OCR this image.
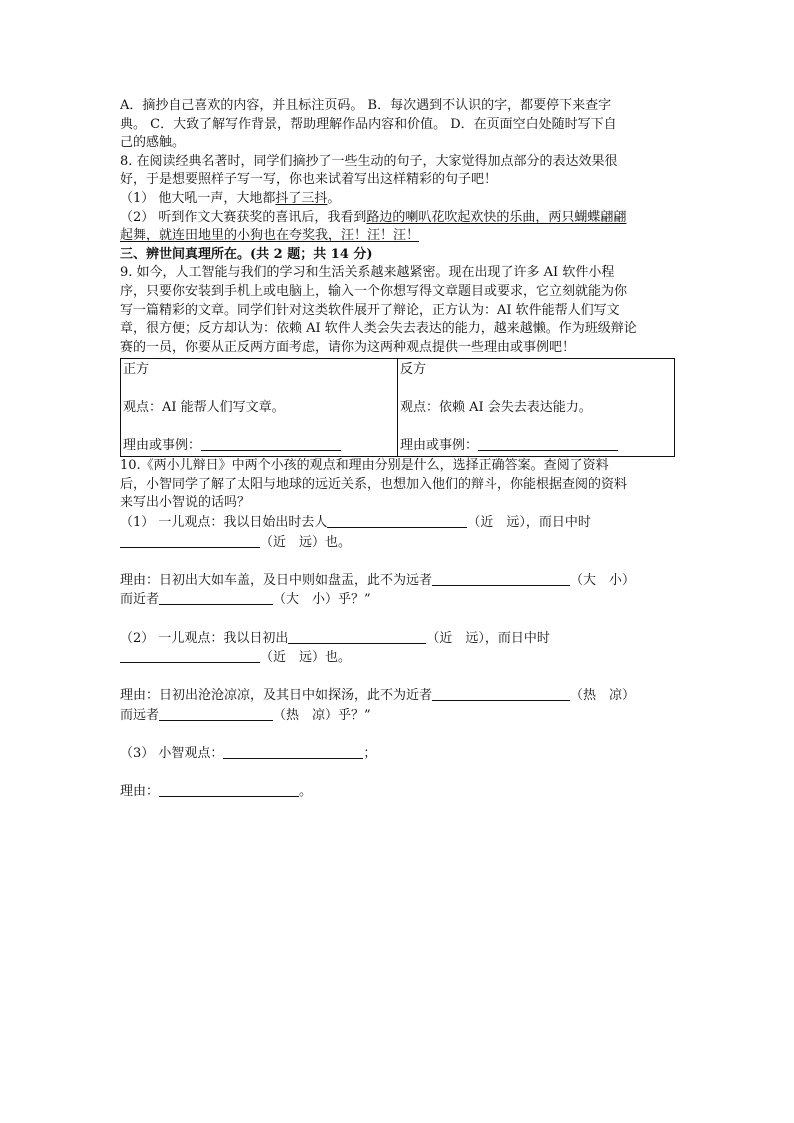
A．摘抄自己喜欢的内容，并且标注页码。 B．每次遇到不认识的字，都要停下来查字
典。 C．大致了解写作背景，帮助理解作品内容和价值。 D．在页面空白处随时写下自
己的感触。
8. 在阅读经典名著时，同学们摘抄了一些生动的句子，大家觉得加点部分的表达效果很
好，于是想要照样子写一写，你也来试着写出这样精彩的句子吧！
（1） 他大吼一声，大地都抖了三抖。
（2） 听到作文大赛获奖的喜讯后，我看到路边的喇叭花吹起欢快的乐曲，两只蝴蝶翩翩
起舞，就连田地里的小狗也在夸奖我，汪！汪！汪！
三、辨世间真理所在。(共 2 题；共 14 分)
9. 如今，人工智能与我们的学习和生活关系越来越紧密。现在出现了许多 AI 软件小程
序，只要你安装到手机上或电脑上，输入一个你想写得文章题目或要求，它立刻就能为你
写一篇精彩的文章。同学们针对这类软件展开了辩论，正方认为：AI 软件能帮人们写文
章，很方便；反方却认为：依赖 AI 软件人类会失去表达的能力，越来越懒。作为班级辩论
赛的一员，你要从正反两方面考虑，请你为这两种观点提供一些理由或事例吧！
正方
观点：AI 能帮人们写文章。
理由或事例：

反方
观点：依赖 AI 会失去表达能力。
理由或事例：
10.《两小儿辩日》中两个小孩的观点和理由分别是什么，选择正确答案。查阅了资料
后，小智同学了解了太阳与地球的远近关系，也想加入他们的辩斗，你能根据查阅的资料
来写出小智说的话吗？
（1） 一儿观点：我以日始出时去人	（近　远），而日中时
（近　远）也。
理由：日初出大如车盖，及日中则如盘盂，此不为远者	（大　小）
而近者	（大　小）乎？”
（2） 一儿观点：我以日初出	（近　远），而日中时
（近　远）也。
理由：日初出沧沧凉凉，及其日中如探汤，此不为近者	（热　凉）
而远者	（热　凉）乎？”
（3） 小智观点：	；
理由：	。
